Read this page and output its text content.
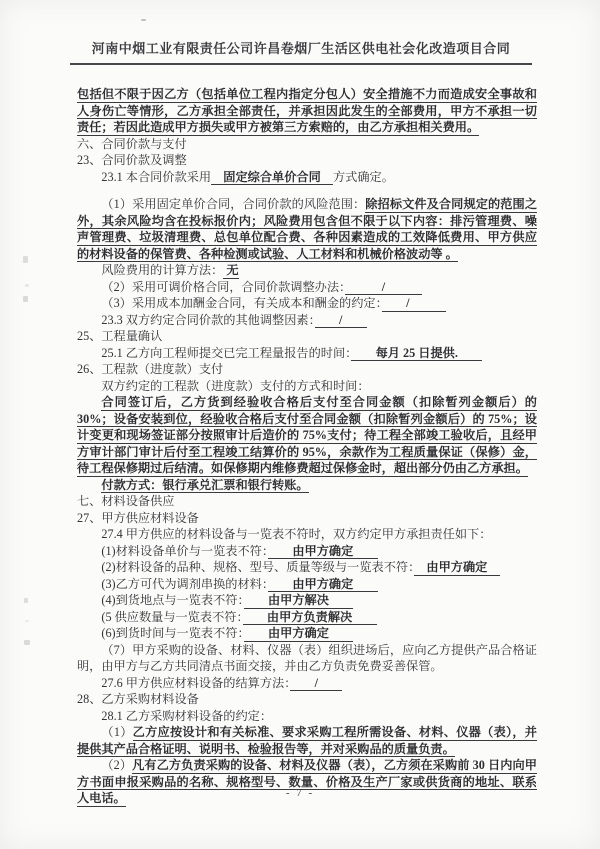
河南中烟工业有限责任公司许昌卷烟厂生活区供电社会化改造项目合同
包括但不限于因乙方（包括单位工程内指定分包人）安全措施不力而造成安全事故和人身伤亡等情形，乙方承担全部责任，并承担因此发生的全部费用，甲方不承担一切责任；若因此造成甲方损失或甲方被第三方索赔的，由乙方承担相关费用。
六、合同价款与支付
23、合同价款及调整
23.1 本合同价款采用　固定综合单价合同　方式确定。
（1）采用固定单价合同，合同价款的风险范围：除招标文件及合同规定的范围之外，其余风险均含在投标报价内；风险费用包含但不限于以下内容：排污管理费、噪声管理费、垃圾清理费、总包单位配合费、各种因素造成的工效降低费用、甲方供应的材料设备的保管费、各种检测或试验、人工材料和机械价格波动等 。
风险费用的计算方法： 无
（2）采用可调价格合同，合同价款调整办法：　　　/　　　
（3）采用成本加酬金合同，有关成本和酬金的约定：　　/　　　
23.3 双方约定合同价款的其他调整因素：　　/　　
25、工程量确认
25.1 乙方向工程师提交已完工程量报告的时间：　　每月 25 日提供.　　
26、工程款（进度款）支付
双方约定的工程款（进度款）支付的方式和时间：
合同签订后，乙方货到经验收合格后支付至合同金额（扣除暂列金额后）的 30%；设备安装到位，经验收合格后支付至合同金额（扣除暂列金额后）的 75%；设计变更和现场签证部分按照审计后造价的 75%支付；待工程全部竣工验收后，且经甲方审计部门审计后付至工程竣工结算价的 95%，余款作为工程质量保证（保修）金，待工程保修期过后结清。如保修期内维修费超过保修金时，超出部分仍由乙方承担。
付款方式：银行承兑汇票和银行转账。
七、材料设备供应
27、甲方供应材料设备
27.4 甲方供应的材料设备与一览表不符时，双方约定甲方承担责任如下：
(1)材料设备单价与一览表不符：　　由甲方确定　　
(2)材料设备的品种、规格、型号、质量等级与一览表不符：　由甲方确定　
(3)乙方可代为调剂串换的材料：　　由甲方确定　　
(4)到货地点与一览表不符：　　由甲方解决　　
(5 供应数量与一览表不符：　　由甲方负责解决　　
(6)到货时间与一览表不符：　　由甲方确定　　
（7）甲方采购的设备、材料、仪器（表）组织进场后，应向乙方提供产品合格证明，由甲方与乙方共同清点书面交接，并由乙方负责免费妥善保管。
27.6 甲方供应材料设备的结算方法：　　/　　
28、乙方采购材料设备
28.1 乙方采购材料设备的约定：
（1）乙方应按设计和有关标准、要求采购工程所需设备、材料、仪器（表），并提供其产品合格证明、说明书、检验报告等，并对采购品的质量负责。
（2）凡有乙方负责采购的设备、材料及仪器（表），乙方须在采购前 30 日内向甲方书面申报采购品的名称、规格型号、数量、价格及生产厂家或供货商的地址、联系人电话。	- 7 -
